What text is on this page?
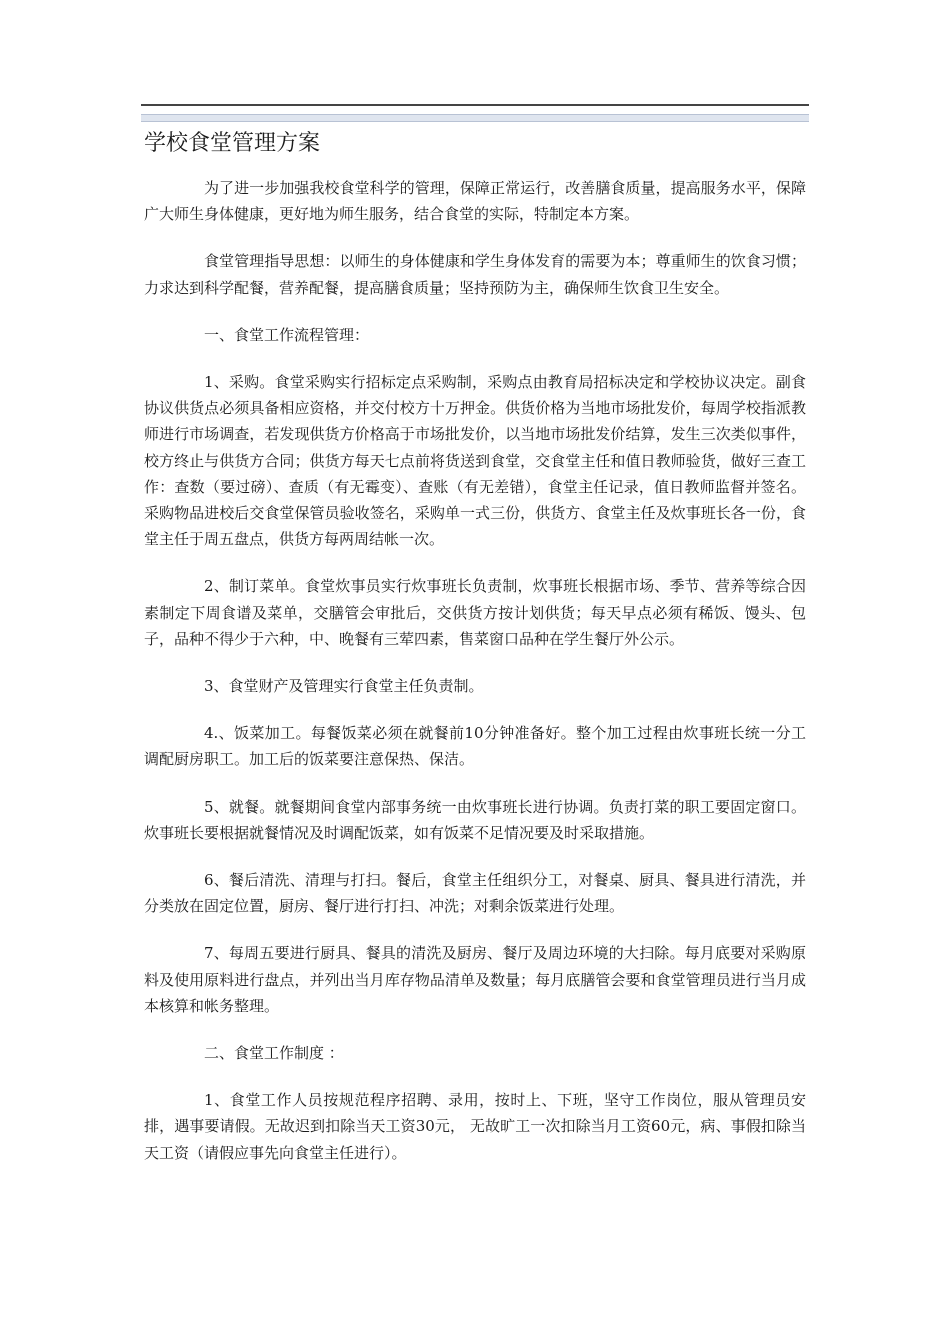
学校食堂管理方案

为了进一步加强我校食堂科学的管理，保障正常运行，改善膳食质量，提高服务水平，保障广大师生身体健康，更好地为师生服务，结合食堂的实际，特制定本方案。

食堂管理指导思想：以师生的身体健康和学生身体发育的需要为本；尊重师生的饮食习惯；力求达到科学配餐，营养配餐，提高膳食质量；坚持预防为主，确保师生饮食卫生安全。

一、食堂工作流程管理：

1、采购。食堂采购实行招标定点采购制，采购点由教育局招标决定和学校协议决定。副食协议供货点必须具备相应资格，并交付校方十万押金。供货价格为当地市场批发价，每周学校指派教师进行市场调查，若发现供货方价格高于市场批发价，以当地市场批发价结算，发生三次类似事件，校方终止与供货方合同；供货方每天七点前将货送到食堂，交食堂主任和值日教师验货，做好三查工作：查数（要过磅）、查质（有无霉变）、查账（有无差错），食堂主任记录，值日教师监督并签名。采购物品进校后交食堂保管员验收签名，采购单一式三份，供货方、食堂主任及炊事班长各一份，食堂主任于周五盘点，供货方每两周结帐一次。

2、制订菜单。食堂炊事员实行炊事班长负责制，炊事班长根据市场、季节、营养等综合因素制定下周食谱及菜单，交膳管会审批后，交供货方按计划供货；每天早点必须有稀饭、馒头、包子，品种不得少于六种，中、晚餐有三荤四素，售菜窗口品种在学生餐厅外公示。

3、食堂财产及管理实行食堂主任负责制。

4.、饭菜加工。每餐饭菜必须在就餐前10分钟准备好。整个加工过程由炊事班长统一分工调配厨房职工。加工后的饭菜要注意保热、保洁。

5、就餐。就餐期间食堂内部事务统一由炊事班长进行协调。负责打菜的职工要固定窗口。炊事班长要根据就餐情况及时调配饭菜，如有饭菜不足情况要及时采取措施。

6、餐后清洗、清理与打扫。餐后，食堂主任组织分工，对餐桌、厨具、餐具进行清洗，并分类放在固定位置，厨房、餐厅进行打扫、冲洗；对剩余饭菜进行处理。

7、每周五要进行厨具、餐具的清洗及厨房、餐厅及周边环境的大扫除。每月底要对采购原料及使用原料进行盘点，并列出当月库存物品清单及数量；每月底膳管会要和食堂管理员进行当月成本核算和帐务整理。

二、食堂工作制度 ：

1、食堂工作人员按规范程序招聘、录用，按时上、下班，坚守工作岗位，服从管理员安排，遇事要请假。无故迟到扣除当天工资30元， 无故旷工一次扣除当月工资60元，病、事假扣除当天工资（请假应事先向食堂主任进行）。
